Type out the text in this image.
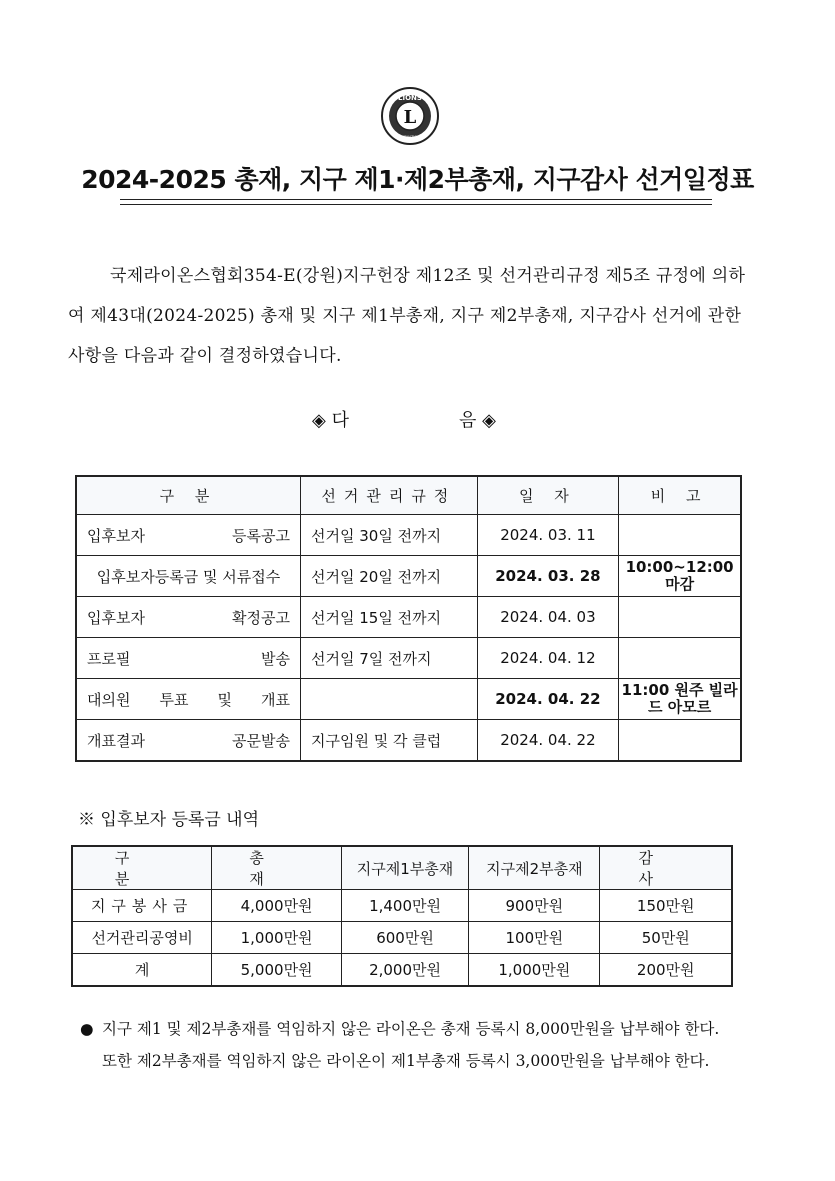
L
LIONS
INTERNATIONAL
2024-2025 총재, 지구 제1·제2부총재, 지구감사 선거일정표

국제라이온스협회354-E(강원)지구헌장 제12조 및 선거관리규정 제5조 규정에 의하여 제43대(2024-2025) 총재 및 지구 제1부총재, 지구 제2부총재, 지구감사 선거에 관한 사항을 다음과 같이 결정하였습니다.

◈ 다	음 ◈
구 분	선거관리규정	일 자	비 고
입후보자 등록공고	선거일 30일 전까지	2024. 03. 11	
입후보자등록금 및 서류접수	선거일 20일 전까지	2024. 03. 28	10:00~12:00 마감
입후보자 확정공고	선거일 15일 전까지	2024. 04. 03	
프로필 발송	선거일 7일 전까지	2024. 04. 12	
대의원 투표 및 개표		2024. 04. 22	11:00 원주 빌라드 아모르
개표결과 공문발송	지구임원 및 각 클럽	2024. 04. 22	
※ 입후보자 등록금 내역
구 분	총 재	지구제1부총재	지구제2부총재	감 사
지구봉사금	4,000만원	1,400만원	900만원	150만원
선거관리공영비	1,000만원	600만원	100만원	50만원
계	5,000만원	2,000만원	1,000만원	200만원
● 지구 제1 및 제2부총재를 역임하지 않은 라이온은 총재 등록시 8,000만원을 납부해야 한다. 또한 제2부총재를 역임하지 않은 라이온이 제1부총재 등록시 3,000만원을 납부해야 한다.
